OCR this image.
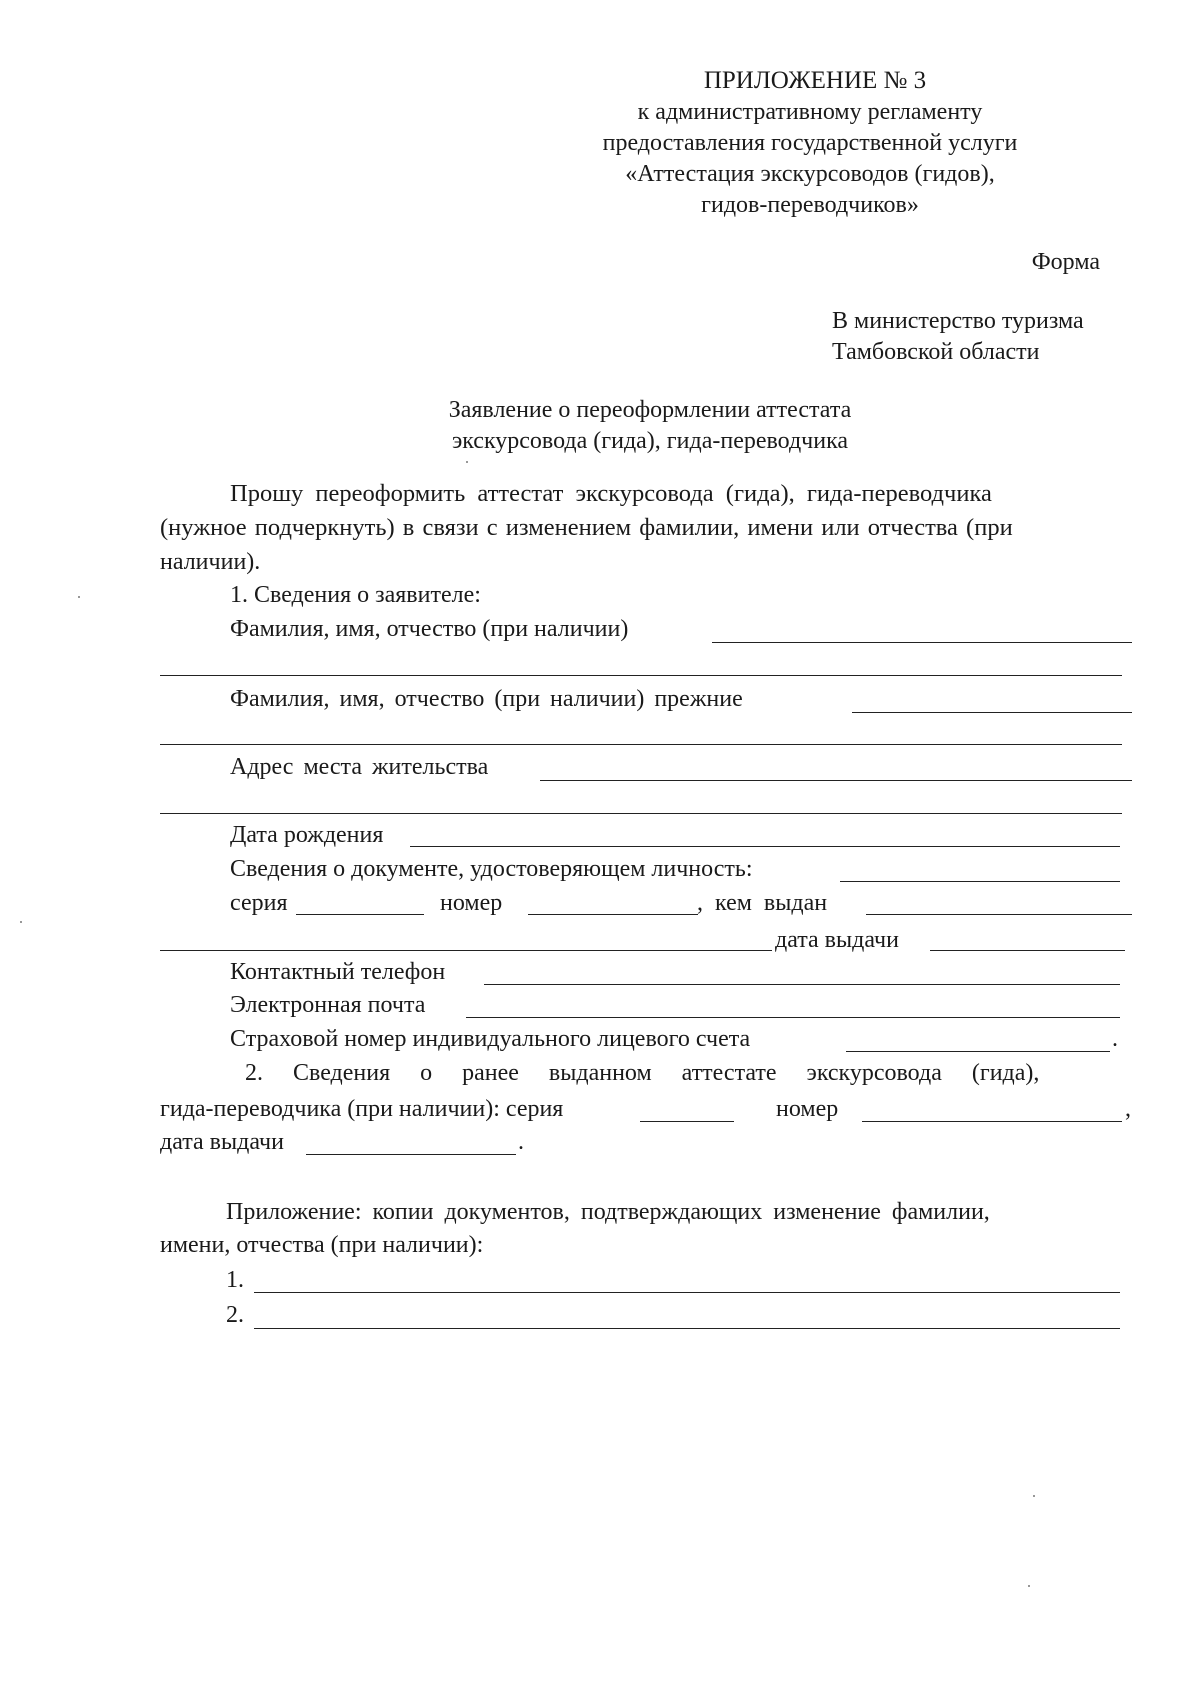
ПРИЛОЖЕНИЕ № 3
к административному регламенту
предоставления государственной услуги
«Аттестация экскурсоводов (гидов),
гидов-переводчиков»
Форма
В министерство туризма
Тамбовской области
Заявление о переоформлении аттестата
экскурсовода (гида), гида-переводчика
Прошу переоформить аттестат экскурсовода (гида), гида-переводчика
(нужное подчеркнуть) в связи с изменением фамилии, имени или отчества (при
наличии).
1. Сведения о заявителе:
Фамилия, имя, отчество (при наличии)
Фамилия, имя, отчество (при наличии) прежние
Адрес места жительства
Дата рождения
Сведения о документе, удостоверяющем личность:
серия	номер	, кем выдан
дата выдачи
Контактный телефон
Электронная почта
Страховой номер индивидуального лицевого счета	.
2. Сведения о ранее выданном аттестате экскурсовода (гида),
гида-переводчика (при наличии): серия	номер	,
дата выдачи	.
Приложение: копии документов, подтверждающих изменение фамилии,
имени, отчества (при наличии):
1.
2.
